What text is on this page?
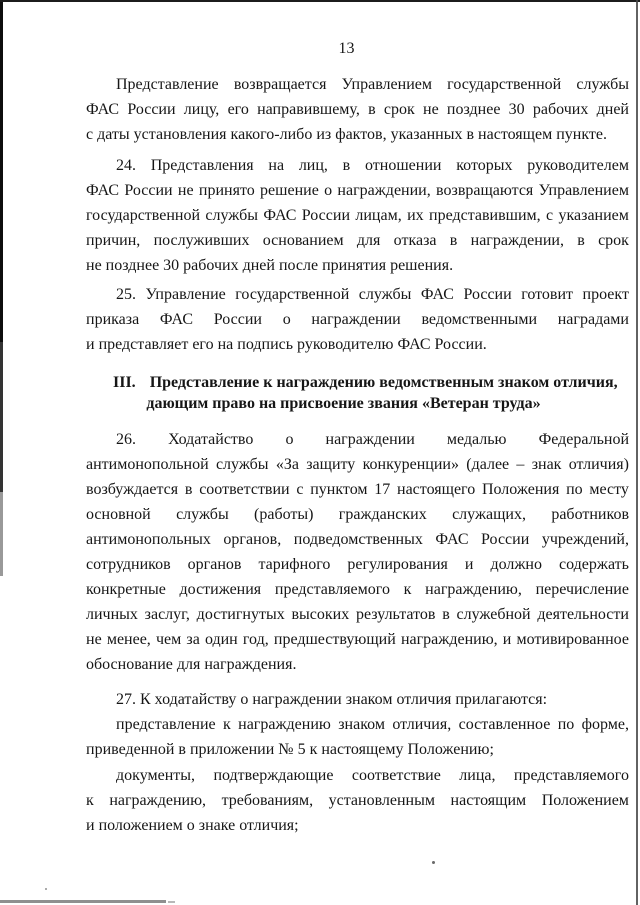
13
Представление возвращается Управлением государственной службы
ФАС России лицу, его направившему, в срок не позднее 30 рабочих дней
с даты установления какого-либо из фактов, указанных в настоящем пункте.
24. Представления на лиц, в отношении которых руководителем
ФАС России не принято решение о награждении, возвращаются Управлением
государственной службы ФАС России лицам, их представившим, с указанием
причин, послуживших основанием для отказа в награждении, в срок
не позднее 30 рабочих дней после принятия решения.
25. Управление государственной службы ФАС России готовит проект
приказа ФАС России о награждении ведомственными наградами
и представляет его на подпись руководителю ФАС России.
III. Представление к награждению ведомственным знаком отличия,
дающим право на присвоение звания «Ветеран труда»
26. Ходатайство о награждении медалью Федеральной
антимонопольной службы «За защиту конкуренции» (далее – знак отличия)
возбуждается в соответствии с пунктом 17 настоящего Положения по месту
основной службы (работы) гражданских служащих, работников
антимонопольных органов, подведомственных ФАС России учреждений,
сотрудников органов тарифного регулирования и должно содержать
конкретные достижения представляемого к награждению, перечисление
личных заслуг, достигнутых высоких результатов в служебной деятельности
не менее, чем за один год, предшествующий награждению, и мотивированное
обоснование для награждения.
27. К ходатайству о награждении знаком отличия прилагаются:
представление к награждению знаком отличия, составленное по форме,
приведенной в приложении № 5 к настоящему Положению;
документы, подтверждающие соответствие лица, представляемого
к награждению, требованиям, установленным настоящим Положением
и положением о знаке отличия;
